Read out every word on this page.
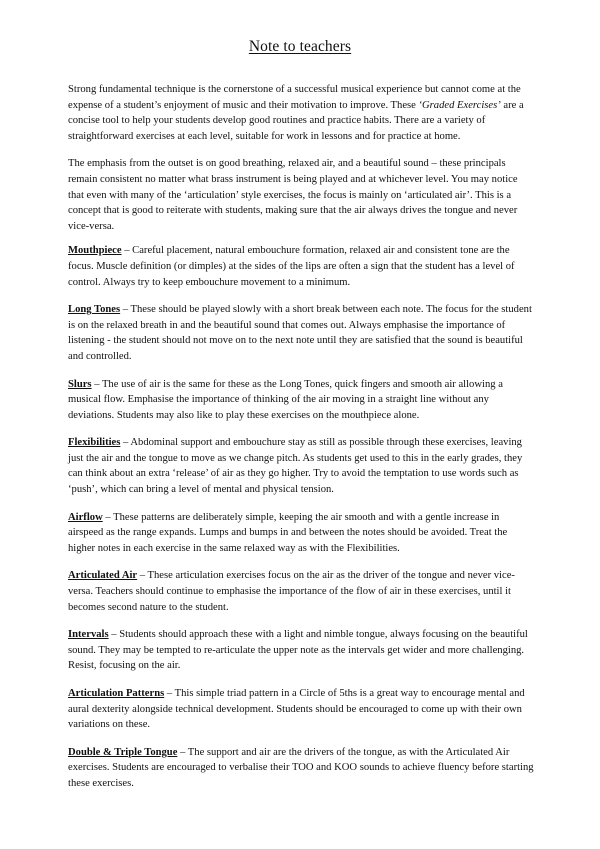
Note to teachers

Strong fundamental technique is the cornerstone of a successful musical experience but cannot come at the expense of a student’s enjoyment of music and their motivation to improve. These ‘Graded Exercises’ are a concise tool to help your students develop good routines and practice habits. There are a variety of straightforward exercises at each level, suitable for work in lessons and for practice at home.

The emphasis from the outset is on good breathing, relaxed air, and a beautiful sound – these principals remain consistent no matter what brass instrument is being played and at whichever level. You may notice that even with many of the ‘articulation’ style exercises, the focus is mainly on ‘articulated air’. This is a concept that is good to reiterate with students, making sure that the air always drives the tongue and never vice-versa.

Mouthpiece – Careful placement, natural embouchure formation, relaxed air and consistent tone are the focus. Muscle definition (or dimples) at the sides of the lips are often a sign that the student has a level of control. Always try to keep embouchure movement to a minimum.

Long Tones – These should be played slowly with a short break between each note. The focus for the student is on the relaxed breath in and the beautiful sound that comes out. Always emphasise the importance of listening - the student should not move on to the next note until they are satisfied that the sound is beautiful and controlled.

Slurs – The use of air is the same for these as the Long Tones, quick fingers and smooth air allowing a musical flow. Emphasise the importance of thinking of the air moving in a straight line without any deviations. Students may also like to play these exercises on the mouthpiece alone.

Flexibilities – Abdominal support and embouchure stay as still as possible through these exercises, leaving just the air and the tongue to move as we change pitch. As students get used to this in the early grades, they can think about an extra ‘release’ of air as they go higher. Try to avoid the temptation to use words such as ‘push’, which can bring a level of mental and physical tension.

Airflow – These patterns are deliberately simple, keeping the air smooth and with a gentle increase in airspeed as the range expands. Lumps and bumps in and between the notes should be avoided. Treat the higher notes in each exercise in the same relaxed way as with the Flexibilities.

Articulated Air – These articulation exercises focus on the air as the driver of the tongue and never vice-versa. Teachers should continue to emphasise the importance of the flow of air in these exercises, until it becomes second nature to the student.

Intervals – Students should approach these with a light and nimble tongue, always focusing on the beautiful sound. They may be tempted to re-articulate the upper note as the intervals get wider and more challenging. Resist, focusing on the air.

Articulation Patterns – This simple triad pattern in a Circle of 5ths is a great way to encourage mental and aural dexterity alongside technical development. Students should be encouraged to come up with their own variations on these.

Double & Triple Tongue – The support and air are the drivers of the tongue, as with the Articulated Air exercises. Students are encouraged to verbalise their TOO and KOO sounds to achieve fluency before starting these exercises.
